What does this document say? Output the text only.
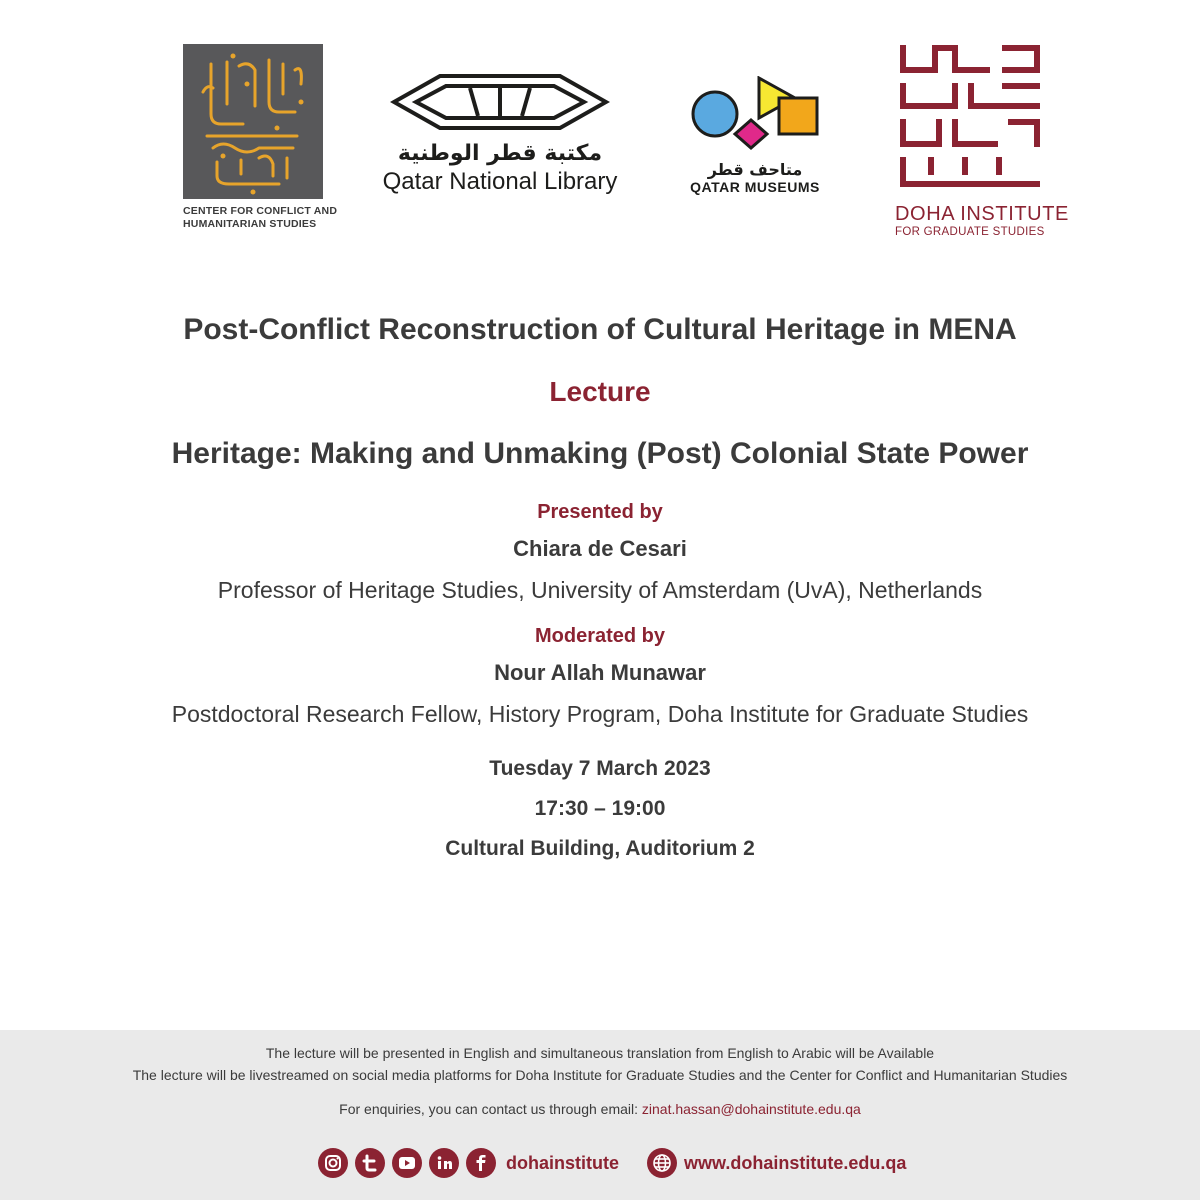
CENTER FOR CONFLICT AND
HUMANITARIAN STUDIES
مكتبة قطر الوطنية
Qatar National Library	متاحف قطر
QATAR MUSEUMS
DOHA INSTITUTE
FOR GRADUATE STUDIES
Post-Conflict Reconstruction of Cultural Heritage in MENA
Lecture
Heritage: Making and Unmaking (Post) Colonial State Power
Presented by
Chiara de Cesari
Professor of Heritage Studies, University of Amsterdam (UvA), Netherlands
Moderated by
Nour Allah Munawar
Postdoctoral Research Fellow, History Program, Doha Institute for Graduate Studies
Tuesday 7 March 2023
17:30 – 19:00
Cultural Building, Auditorium 2
The lecture will be presented in English and simultaneous translation from English to Arabic will be Available
The lecture will be livestreamed on social media platforms for Doha Institute for Graduate Studies and the Center for Conflict and Humanitarian Studies
For enquiries, you can contact us through email: zinat.hassan@dohainstitute.edu.qa
dohainstitute	www.dohainstitute.edu.qa
